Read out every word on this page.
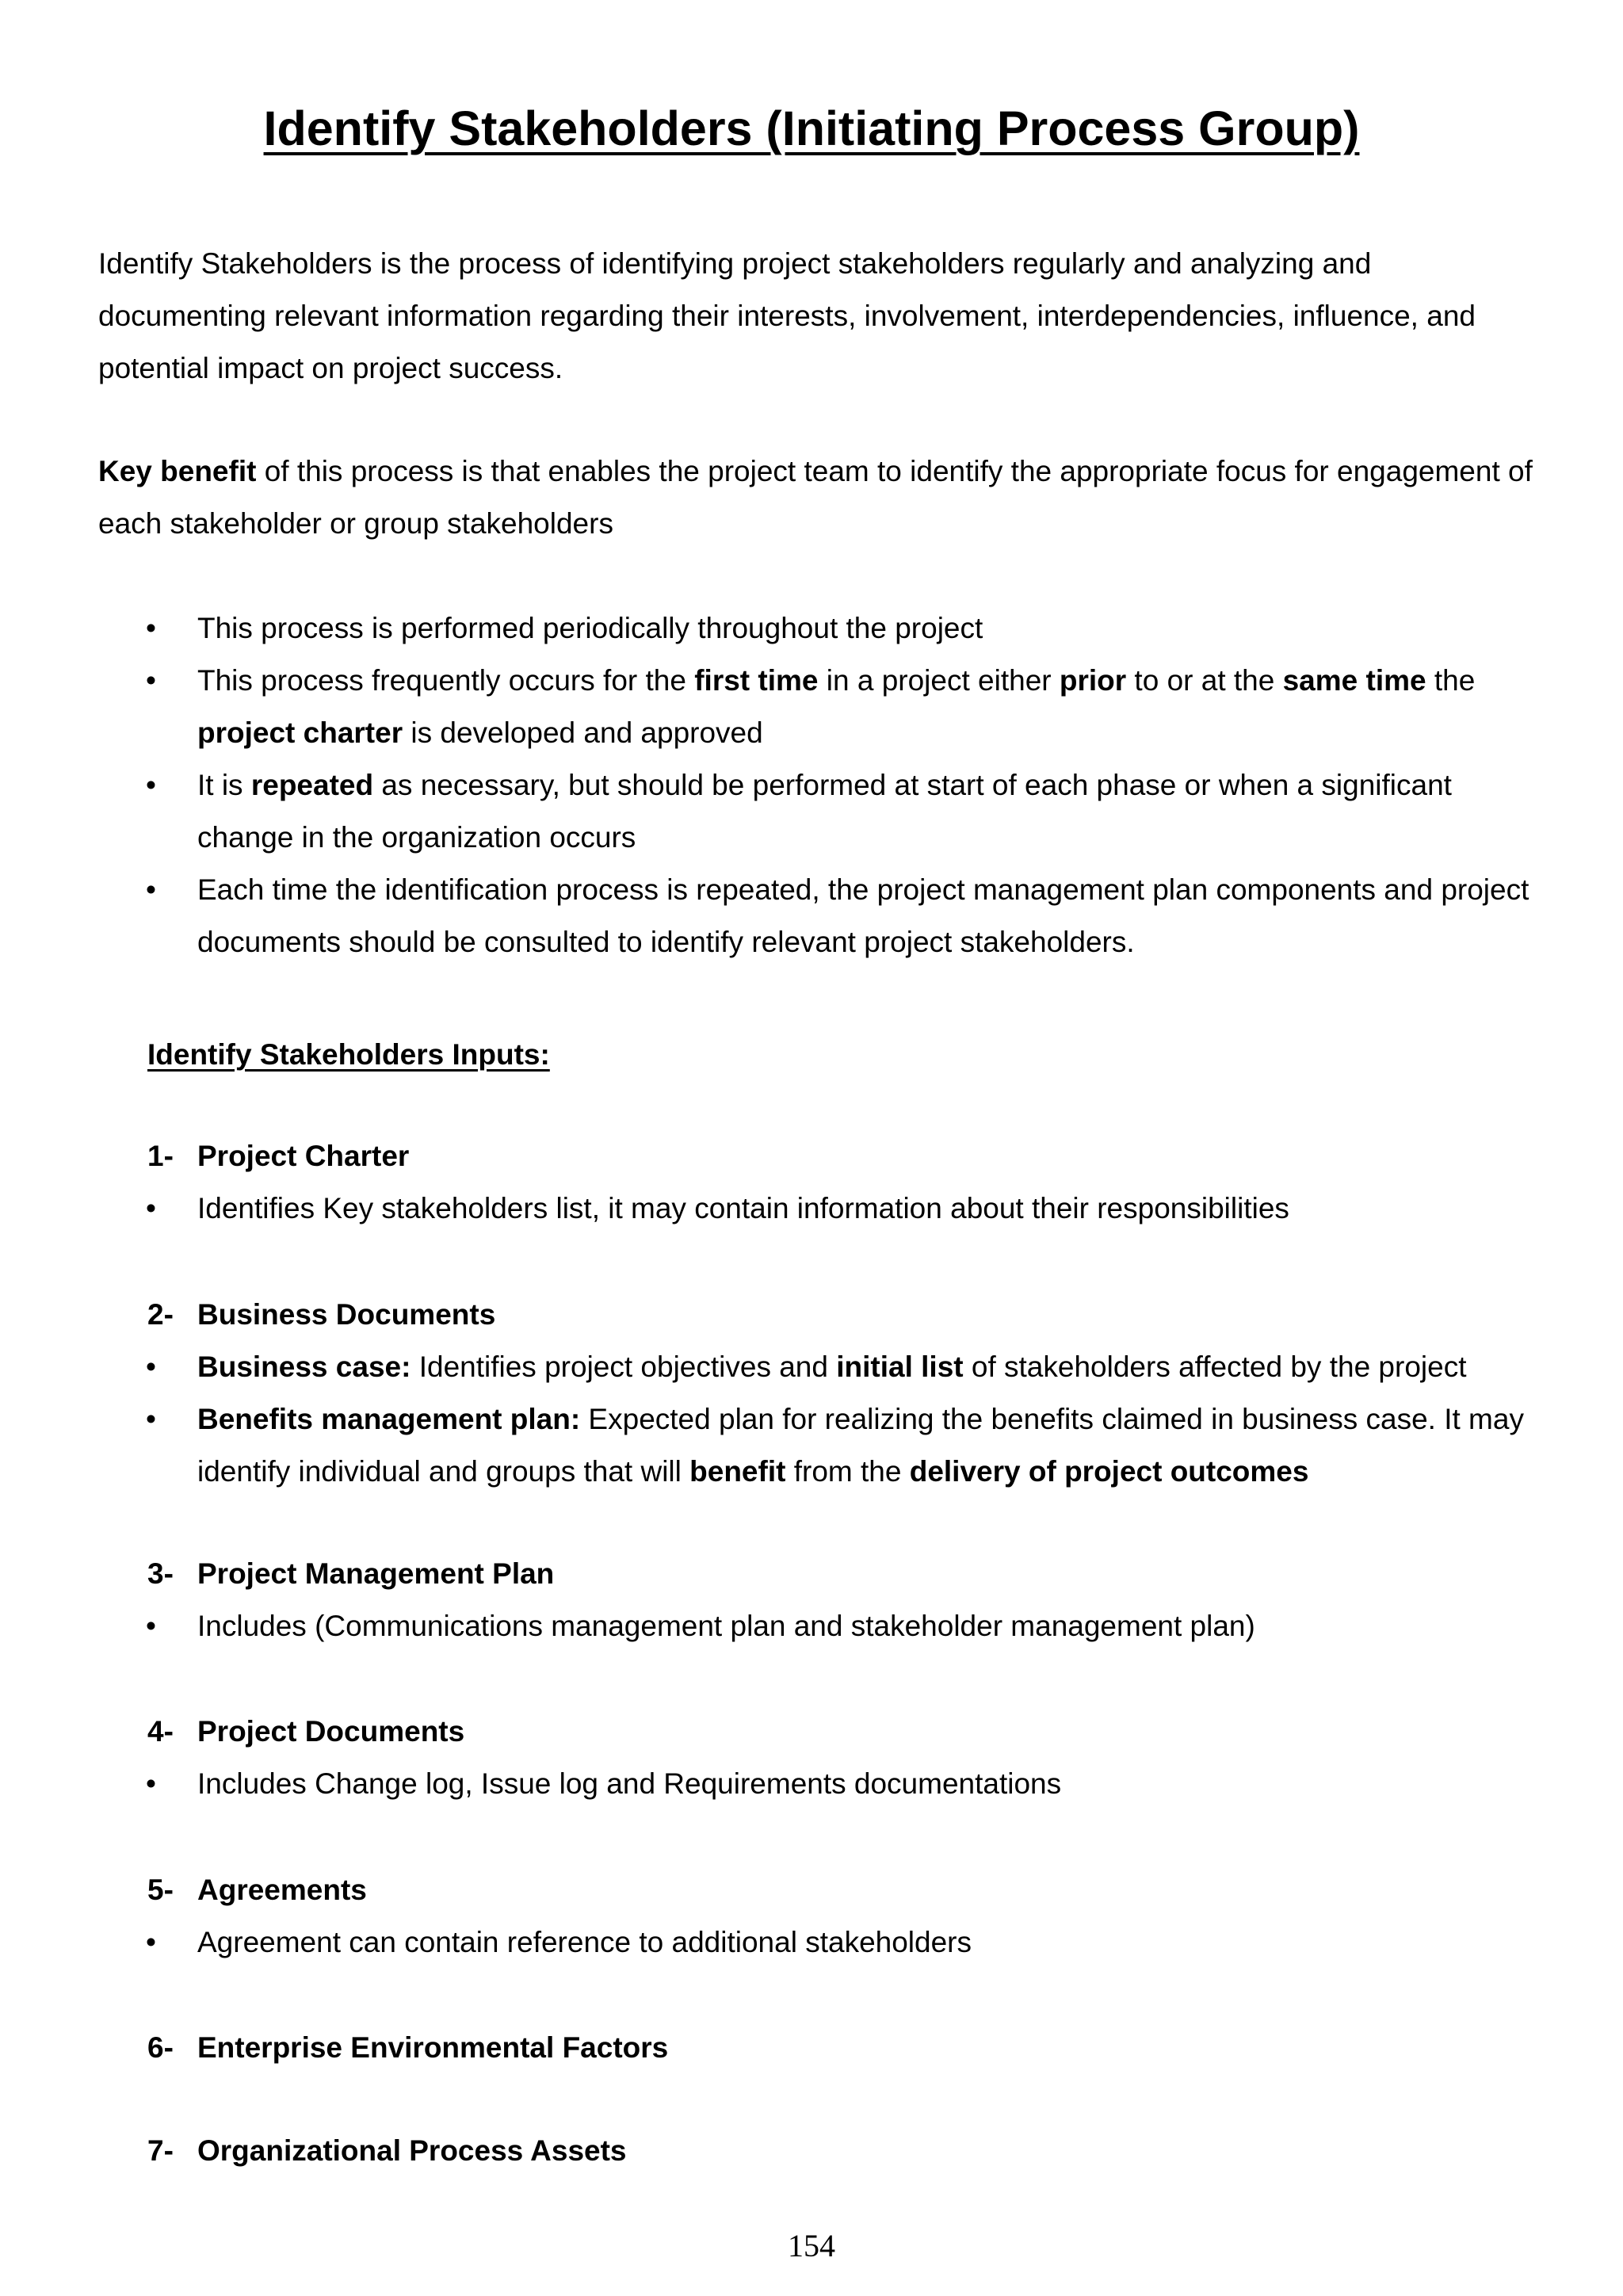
Identify Stakeholders (Initiating Process Group)

Identify Stakeholders is the process of identifying project stakeholders regularly and analyzing and documenting relevant information regarding their interests, involvement, interdependencies, influence, and potential impact on project success.

Key benefit of this process is that enables the project team to identify the appropriate focus for engagement of each stakeholder or group stakeholders

• This process is performed periodically throughout the project
• This process frequently occurs for the first time in a project either prior to or at the same time the project charter is developed and approved
• It is repeated as necessary, but should be performed at start of each phase or when a significant change in the organization occurs
• Each time the identification process is repeated, the project management plan components and project documents should be consulted to identify relevant project stakeholders.
Identify Stakeholders Inputs:
1- Project Charter
• Identifies Key stakeholders list, it may contain information about their responsibilities
2- Business Documents
• Business case: Identifies project objectives and initial list of stakeholders affected by the project
• Benefits management plan: Expected plan for realizing the benefits claimed in business case. It may identify individual and groups that will benefit from the delivery of project outcomes
3- Project Management Plan
• Includes (Communications management plan and stakeholder management plan)
4- Project Documents
• Includes Change log, Issue log and Requirements documentations
5- Agreements
• Agreement can contain reference to additional stakeholders
6- Enterprise Environmental Factors
7- Organizational Process Assets

154
